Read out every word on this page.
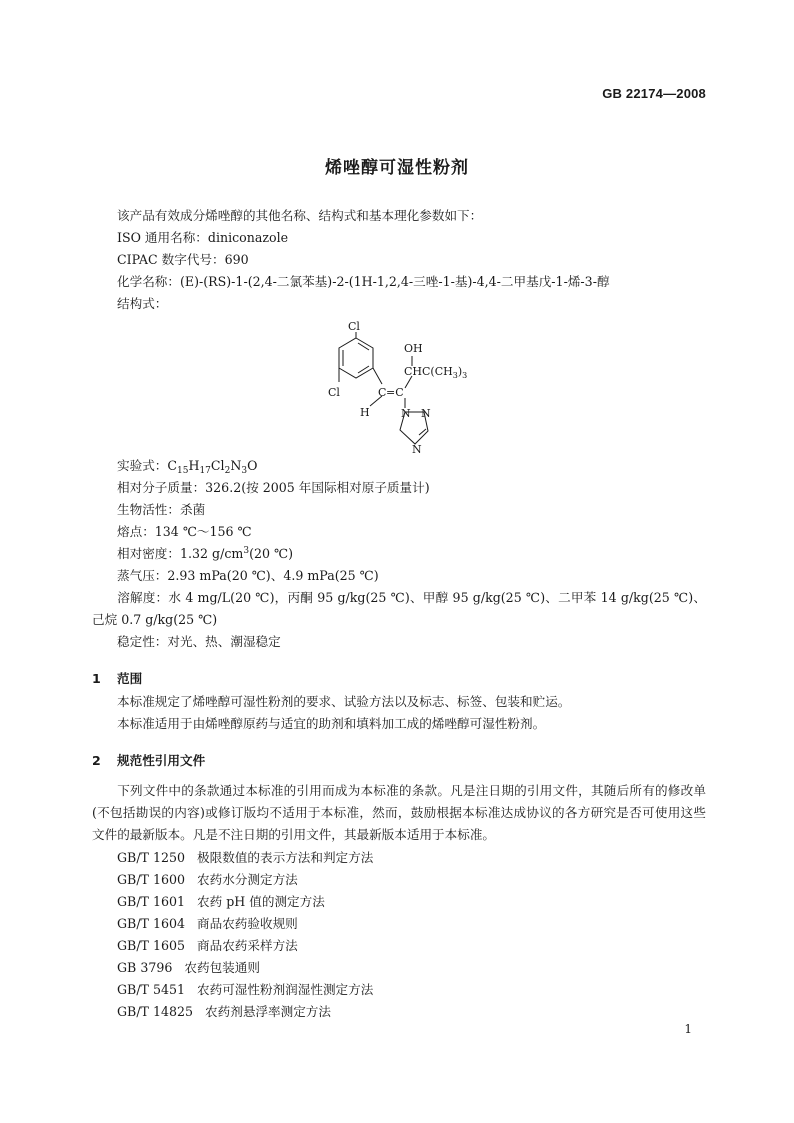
GB 22174—2008
烯唑醇可湿性粉剂
该产品有效成分烯唑醇的其他名称、结构式和基本理化参数如下：
ISO 通用名称：diniconazole
CIPAC 数字代号：690
化学名称：(E)-(RS)-1-(2,4-二氯苯基)-2-(1H-1,2,4-三唑-1-基)-4,4-二甲基戊-1-烯-3-醇
结构式：
Cl
Cl
OH
$CHC(CH_3)_3$
C =C
H	N N
N
实验式：$C_{15}H_{17}Cl_2N_3O$
相对分子质量：326.2(按 2005 年国际相对原子质量计)
生物活性：杀菌
熔点：134 ℃～156 ℃
相对密度：1.32 $g/cm^3(20$ ℃)
蒸气压：2.93 mPa(20 ℃)、4.9 mPa(25 ℃)
溶解度：水 4 mg/L(20 ℃)，丙酮 95 g/kg(25 ℃)、甲醇 95 g/kg(25 ℃)、二甲苯 14 g/kg(25 ℃)、己烷 0.7 g/kg(25 ℃)
稳定性：对光、热、潮湿稳定
1 范围
本标准规定了烯唑醇可湿性粉剂的要求、试验方法以及标志、标签、包装和贮运。
本标准适用于由烯唑醇原药与适宜的助剂和填料加工成的烯唑醇可湿性粉剂。
2 规范性引用文件
下列文件中的条款通过本标准的引用而成为本标准的条款。凡是注日期的引用文件，其随后所有的修改单(不包括勘误的内容)或修订版均不适用于本标准，然而，鼓励根据本标准达成协议的各方研究是否可使用这些文件的最新版本。凡是不注日期的引用文件，其最新版本适用于本标准。
GB/T 1250 极限数值的表示方法和判定方法
GB/T 1600 农药水分测定方法
GB/T 1601 农药 pH 值的测定方法
GB/T 1604 商品农药验收规则
GB/T 1605 商品农药采样方法
GB 3796 农药包装通则
GB/T 5451 农药可湿性粉剂润湿性测定方法
GB/T 14825 农药剂悬浮率测定方法
1
